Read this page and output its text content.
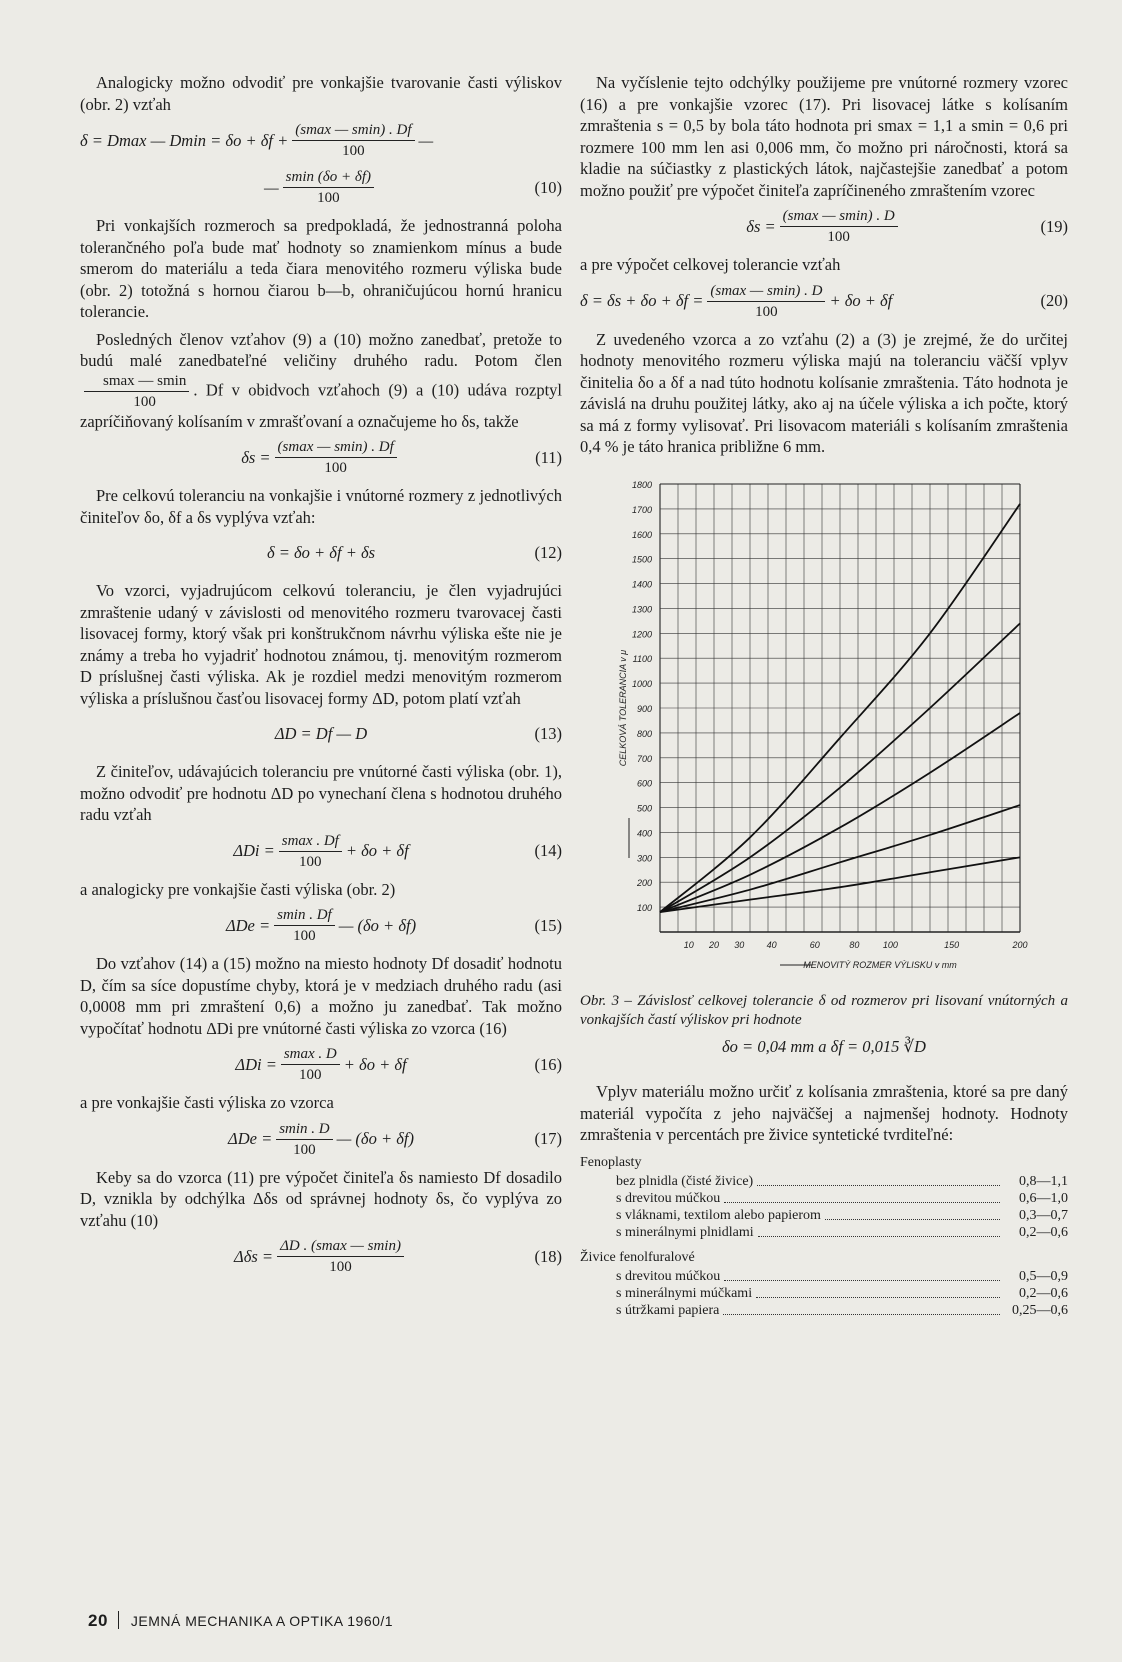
Analogicky možno odvodiť pre vonkajšie tvarovanie časti výliskov (obr. 2) vzťah

δ = Dmax — $Dmin = \delta o + \delta f + \frac{(smax — smin) . Df}{100}$ —
— $\frac{smin (\delta o + \delta f)}{100}$	(10)

Pri vonkajších rozmeroch sa predpokladá, že jednostranná poloha tolerančného poľa bude mať hodnoty so znamienkom mínus a bude smerom do materiálu a teda čiara menovitého rozmeru výliska bude (obr. 2) totožná s hornou čiarou b—b, ohraničujúcou hornú hranicu tolerancie.

Posledných členov vzťahov (9) a (10) možno zanedbať, pretože to budú malé zanedbateľné veličiny druhého radu. Potom člen
$\frac{smax — smin}{100}$ . Df v obidvoch vzťahoch (9) a (10) udáva rozptyl zapríčiňovaný kolísaním v zmrašťovaní a označujeme ho δs, takže

$\delta s = \frac{(smax — smin) . Df}{100}$	(11)

Pre celkovú toleranciu na vonkajšie i vnútorné rozmery z jednotlivých činiteľov δo, δf a δs vyplýva vzťah:

δ = δo + δf + δs	(12)

Vo vzorci, vyjadrujúcom celkovú toleranciu, je člen vyjadrujúci zmraštenie udaný v závislosti od menovitého rozmeru tvarovacej časti lisovacej formy, ktorý však pri konštrukčnom návrhu výliska ešte nie je známy a treba ho vyjadriť hodnotou známou, tj. menovitým rozmerom D príslušnej časti výliska. Ak je rozdiel medzi menovitým rozmerom výliska a príslušnou časťou lisovacej formy ΔD, potom platí vzťah

ΔD = Df — D	(13)

Z činiteľov, udávajúcich toleranciu pre vnútorné časti výliska (obr. 1), možno odvodiť pre hodnotu ΔD po vynechaní člena s hodnotou druhého radu vzťah

$\Delta Di = \frac{smax . Df}{100} + \delta o + \delta f$	(14)

a analogicky pre vonkajšie časti výliska (obr. 2)

$\Delta De = \frac{smin . Df}{100}$ — (δo + δf)	(15)

Do vzťahov (14) a (15) možno na miesto hodnoty Df dosadiť hodnotu D, čím sa síce dopustíme chyby, ktorá je v medziach druhého radu (asi 0,0008 mm pri zmraštení 0,6) a možno ju zanedbať. Tak možno vypočítať hodnotu ΔDi pre vnútorné časti výliska zo vzorca (16)

$\Delta Di = \frac{smax . D}{100} + \delta o + \delta f$	(16)

a pre vonkajšie časti výliska zo vzorca

$\Delta De = \frac{smin . D}{100}$ — (δo + δf)	(17)

Keby sa do vzorca (11) pre výpočet činiteľa δs namiesto Df dosadilo D, vznikla by odchýlka Δδs od správnej hodnoty δs, čo vyplýva zo vzťahu (10)

$\Delta\delta s = \frac{\Delta D . (smax — smin)}{100}$	(18)

Na vyčíslenie tejto odchýlky použijeme pre vnútorné rozmery vzorec (16) a pre vonkajšie vzorec (17). Pri lisovacej látke s kolísaním zmraštenia s = 0,5 by bola táto hodnota pri smax = 1,1 a smin = 0,6 pri rozmere 100 mm len asi 0,006 mm, čo možno pri náročnosti, ktorá sa kladie na súčiastky z plastických látok, najčastejšie zanedbať a potom možno použiť pre výpočet činiteľa zapríčineného zmraštením vzorec

$\delta s = \frac{(smax — smin) . D}{100}$	(19)

a pre výpočet celkovej tolerancie vzťah

$\delta = \delta s + \delta o + \delta f = \frac{(smax — smin) . D}{100} + \delta o + \delta f$	(20)

Z uvedeného vzorca a zo vzťahu (2) a (3) je zrejmé, že do určitej hodnoty menovitého rozmeru výliska majú na toleranciu väčší vplyv činitelia δo a δf a nad túto hodnotu kolísanie zmraštenia. Táto hodnota je závislá na druhu použitej látky, ako aj na účele výliska a ich počte, ktorý sa má z formy vylisovať. Pri lisovacom materiáli s kolísaním zmraštenia 0,4 % je táto hranica približne 6 mm.

100
200
300
400
500
600
700
800
900
1000
1100
1200
1300
1400
1500
1600
1700
1800
10 20 30 40	60	80	100	150	200
MENOVITÝ ROZMER VÝLISKU v mm
CELKOVÁ TOLERANCIA v μ

Obr. 3 – Závislosť celkovej tolerancie δ od rozmerov pri lisovaní vnútorných a vonkajších častí výliskov pri hodnote

δo = 0,04 mm a δf = 0,015 ∛D

Vplyv materiálu možno určiť z kolísania zmraštenia, ktoré sa pre daný materiál vypočíta z jeho najväčšej a najmenšej hodnoty. Hodnoty zmraštenia v percentách pre živice syntetické tvrditeľné:

Fenoplasty
bez plnidla (čisté živice)	0,8—1,1
s drevitou múčkou	0,6—1,0
s vláknami, textilom alebo papierom	0,3—0,7
s minerálnymi plnidlami	0,2—0,6
Živice fenolfuralové
s drevitou múčkou	0,5—0,9
s minerálnymi múčkami	0,2—0,6
s útržkami papiera	0,25—0,6
20 JEMNÁ MECHANIKA A OPTIKA 1960/1
